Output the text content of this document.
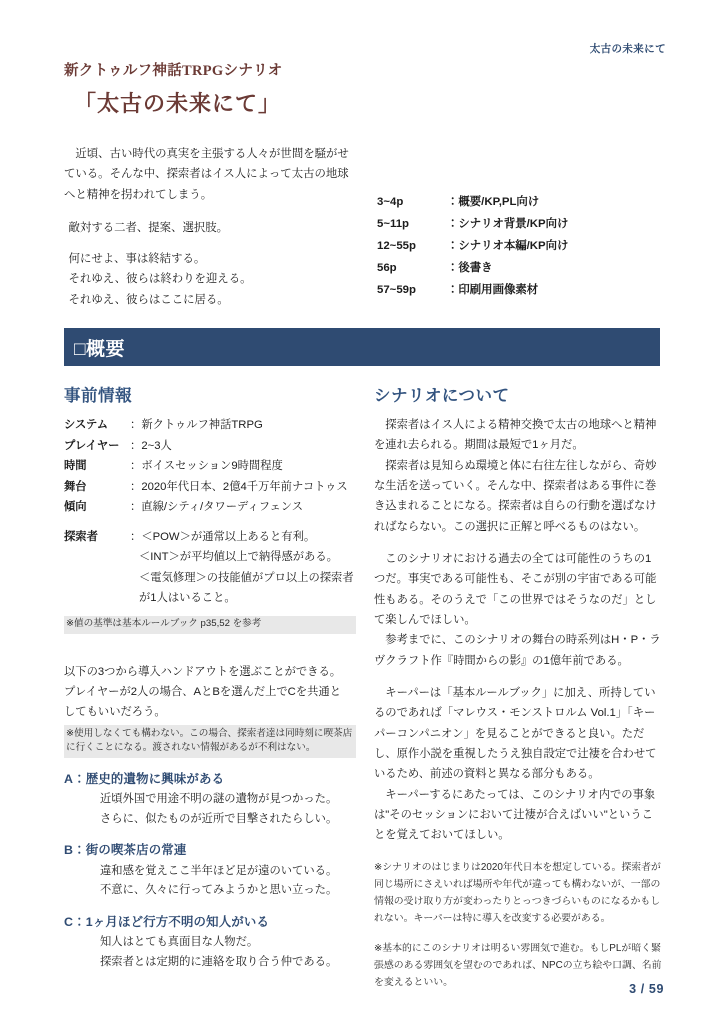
太古の未来にて
新クトゥルフ神話TRPGシナリオ
「太古の未来にて」

近頃、古い時代の真実を主張する人々が世間を騒がせている。そんな中、探索者はイス人によって太古の地球へと精神を拐われてしまう。

敵対する二者、提案、選択肢。
何にせよ、事は終結する。
それゆえ、彼らは終わりを迎える。
それゆえ、彼らはここに居る。
3~4p	：概要/KP,PL向け
5~11p	：シナリオ背景/KP向け
12~55p	：シナリオ本編/KP向け
56p	：後書き
57~59p	：印刷用画像素材
□概要
事前情報
システム	： 新クトゥルフ神話TRPG
プレイヤー ： 2~3人
時間	： ボイスセッション9時間程度
舞台	： 2020年代日本、2億4千万年前ナコトゥス
傾向	： 直線/シティ/タワーディフェンス
探索者	： ＜POW＞が通常以上あると有利。
＜INT＞が平均値以上で納得感がある。
＜電気修理＞の技能値がプロ以上の探索者
が1人はいること。
※値の基準は基本ルールブック p35,52 を参考
以下の3つから導入ハンドアウトを選ぶことができる。
プレイヤーが2人の場合、AとBを選んだ上でCを共通と
してもいいだろう。
※使用しなくても構わない。この場合、探索者達は同時刻に喫茶店に行くことになる。渡されない情報があるが不利はない。
A：歴史的遺物に興味がある
近頃外国で用途不明の謎の遺物が見つかった。
さらに、似たものが近所で目撃されたらしい。
B：街の喫茶店の常連
違和感を覚えここ半年ほど足が遠のいている。
不意に、久々に行ってみようかと思い立った。
C：1ヶ月ほど行方不明の知人がいる
知人はとても真面目な人物だ。
探索者とは定期的に連絡を取り合う仲である。
シナリオについて

探索者はイス人による精神交換で太古の地球へと精神を連れ去られる。期間は最短で1ヶ月だ。

探索者は見知らぬ環境と体に右往左往しながら、奇妙な生活を送っていく。そんな中、探索者はある事件に巻き込まれることになる。探索者は自らの行動を選ばなければならない。この選択に正解と呼べるものはない。

このシナリオにおける過去の全ては可能性のうちの1つだ。事実である可能性も、そこが別の宇宙である可能性もある。そのうえで「この世界ではそうなのだ」として楽しんでほしい。

参考までに、このシナリオの舞台の時系列はH・P・ラヴクラフト作『時間からの影』の1億年前である。

キーパーは「基本ルールブック」に加え、所持しているのであれば「マレウス・モンストロルム Vol.1」「キーパーコンパニオン」を見ることができると良い。ただし、原作小説を重視したうえ独自設定で辻褄を合わせているため、前述の資料と異なる部分もある。

キーパーするにあたっては、このシナリオ内での事象は"そのセッションにおいて辻褄が合えばいい"ということを覚えておいてほしい。

※シナリオのはじまりは2020年代日本を想定している。探索者が同じ場所にさえいれば場所や年代が違っても構わないが、一部の情報の受け取り方が変わったりとっつきづらいものになるかもしれない。キーパーは特に導入を改変する必要がある。
※基本的にこのシナリオは明るい雰囲気で進む。もしPLが暗く緊張感のある雰囲気を望むのであれば、NPCの立ち絵や口調、名前を変えるといい。	3 / 59
